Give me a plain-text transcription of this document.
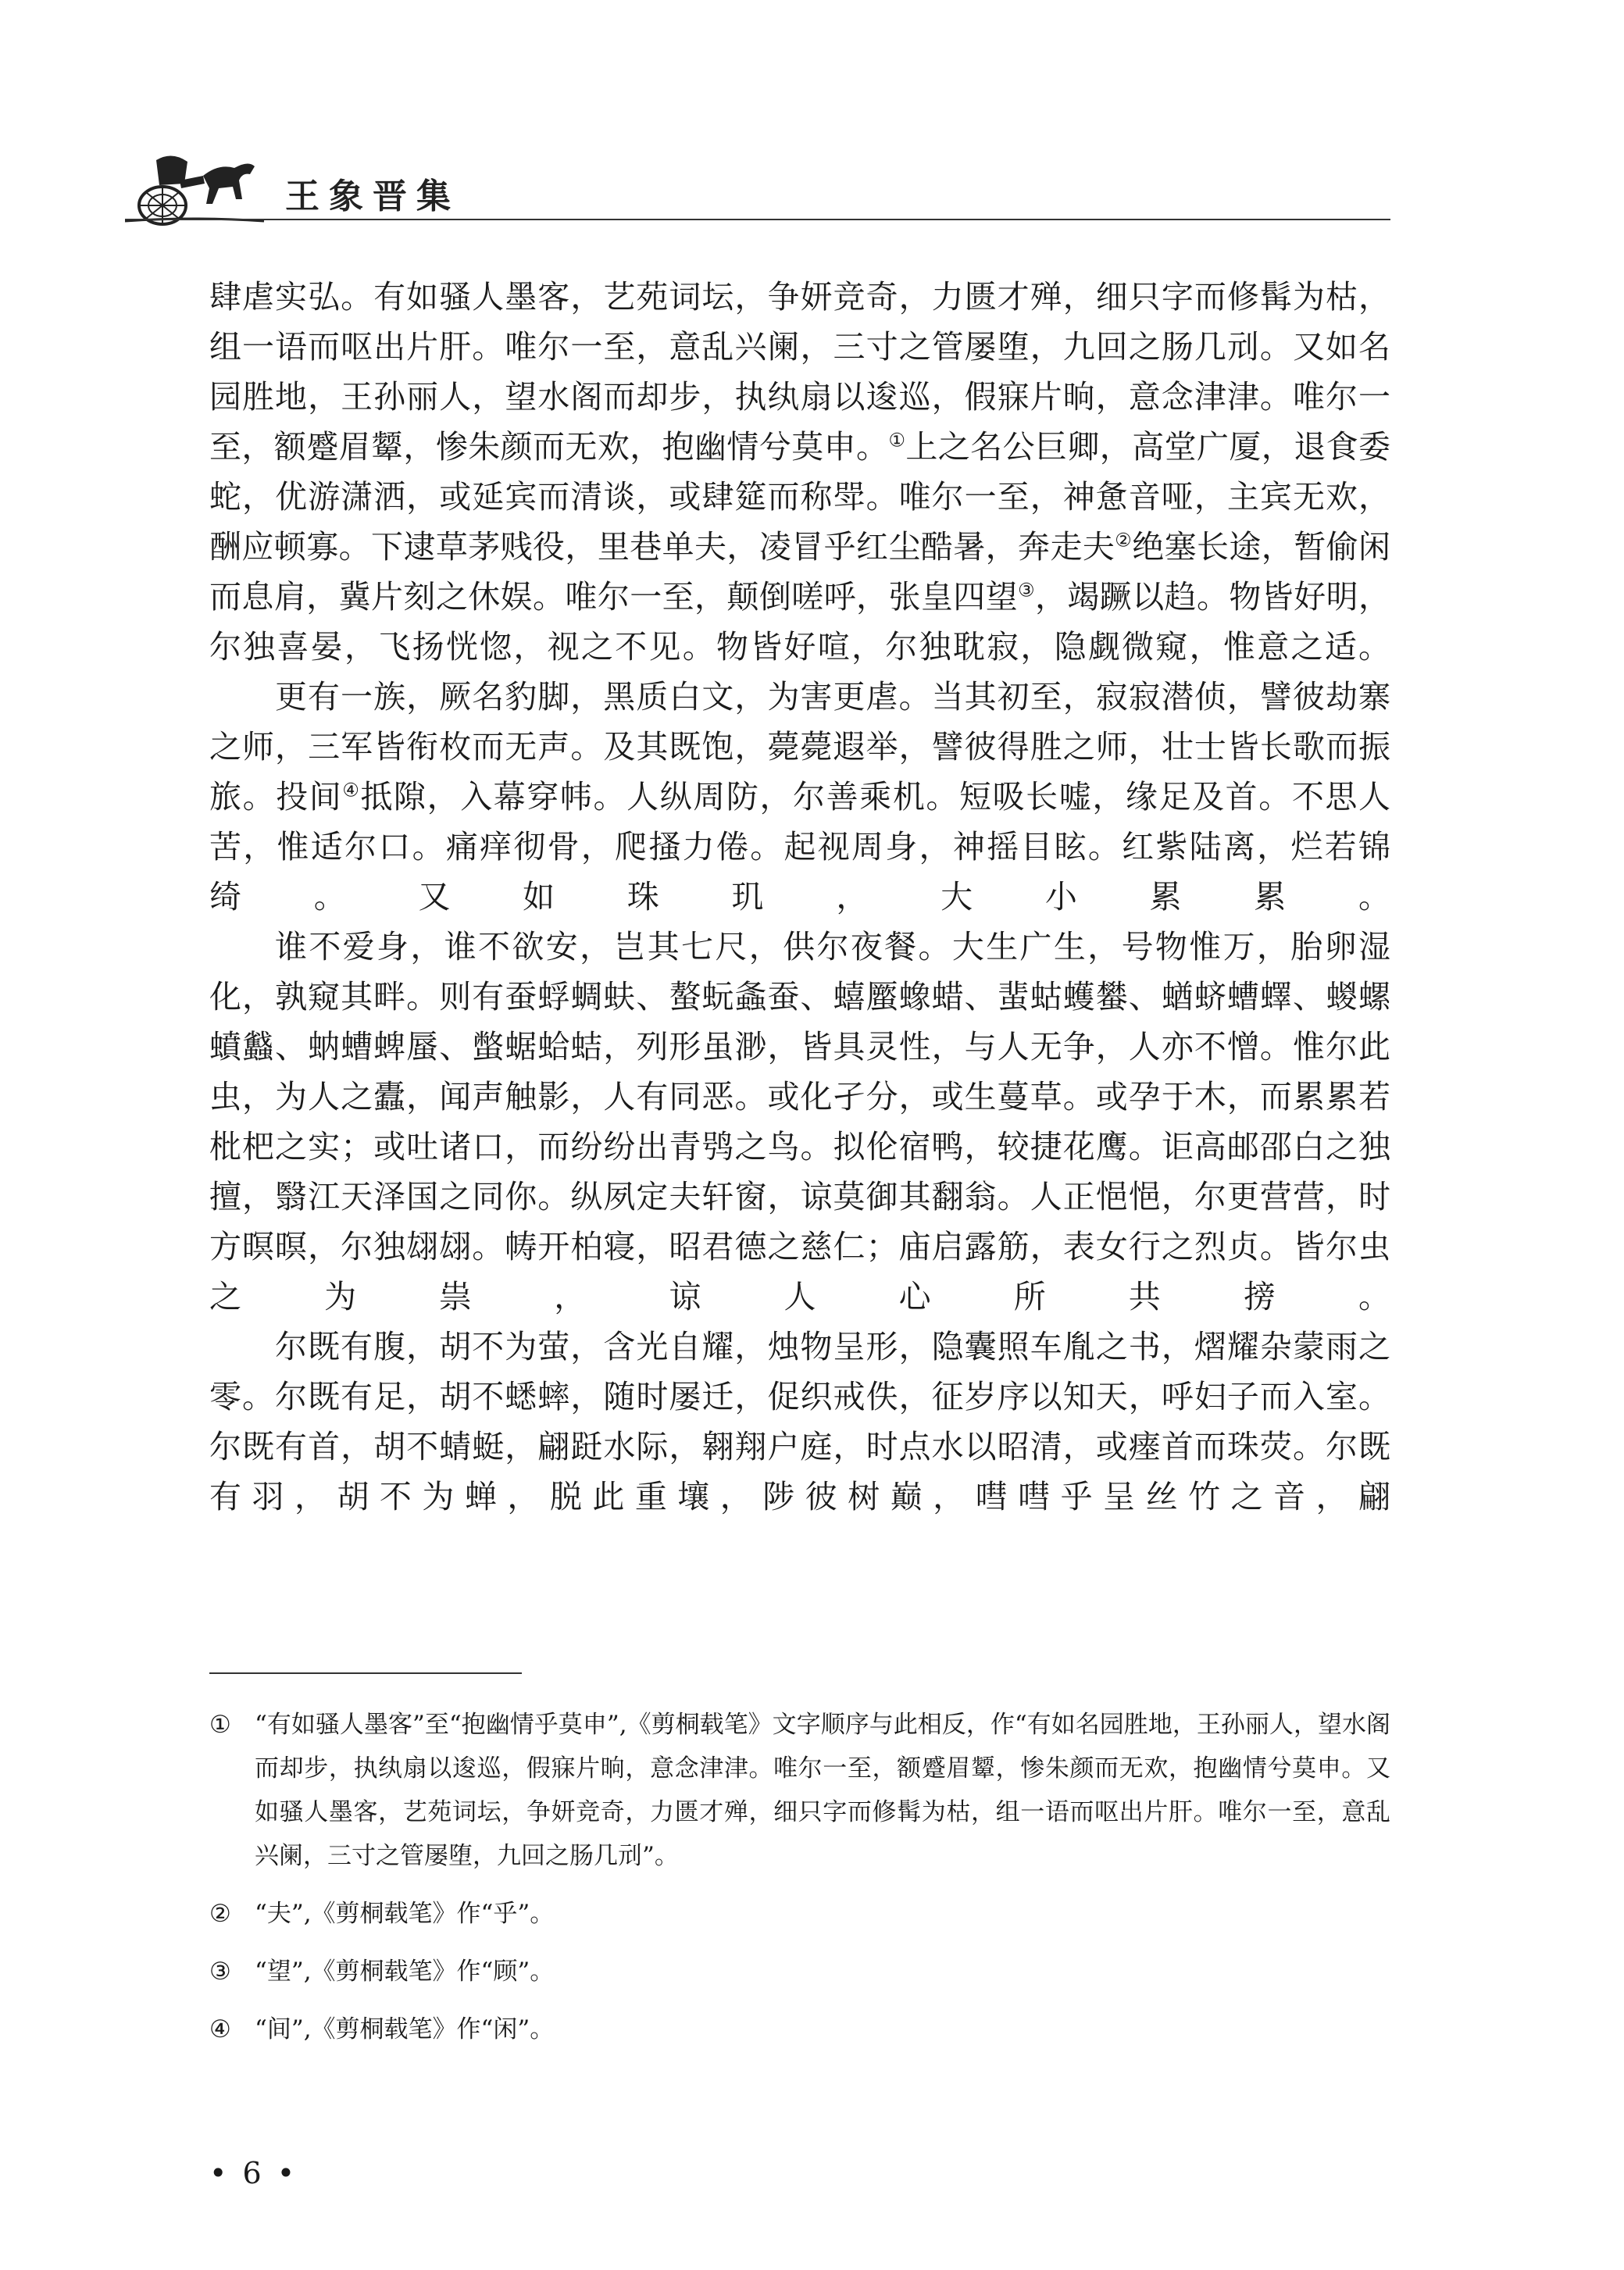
王象晋集

肆虐实弘。有如骚人墨客，艺苑词坛，争妍竞奇，力匮才殚，细只字而修髯为枯，组一语而呕出片肝。唯尔一至，意乱兴阑，三寸之管屡堕，九回之肠几刓。又如名园胜地，王孙丽人，望水阁而却步，执纨扇以逡巡，假寐片晌，意念津津。唯尔一至，额蹙眉颦，惨朱颜而无欢，抱幽情兮莫申。①上之名公巨卿，高堂广厦，退食委蛇，优游潇洒，或延宾而清谈，或肆筵而称斝。唯尔一至，神惫音哑，主宾无欢，酬应顿寡。下逮草茅贱役，里巷单夫，凌冒乎红尘酷暑，奔走夫②绝塞长途，暂偷闲而息肩，冀片刻之休娱。唯尔一至，颠倒嗟呼，张皇四望③，竭蹶以趋。物皆好明，尔独喜晏，飞扬恍惚，视之不见。物皆好喧，尔独耽寂，隐觑微窥，惟意之适。

更有一族，厥名豹脚，黑质白文，为害更虐。当其初至，寂寂潜侦，譬彼劫寨之师，三军皆衔枚而无声。及其既饱，薨薨遐举，譬彼得胜之师，壮士皆长歌而振旅。投间④抵隙，入幕穿帏。人纵周防，尔善乘机。短吸长嘘，缘足及首。不思人苦，惟适尔口。痛痒彻骨，爬搔力倦。起视周身，神摇目眩。红紫陆离，烂若锦绮。又如珠玑，大小累累。

谁不爱身，谁不欲安，岂其七尺，供尔夜餐。大生广生，号物惟万，胎卵湿化，孰窥其畔。则有蚕蜉蜩蚨、螯蚖螽蚕、蟢蟨蟓蜡、蜚蛄蠖蠜、蝤蛴螬蠌、蝬螺蟦蠽、蚋螬蜱蜃、蟞蜛蛤蛣，列形虽渺，皆具灵性，与人无争，人亦不憎。惟尔此虫，为人之蠹，闻声触影，人有同恶。或化孑分，或生蔓草。或孕于木，而累累若枇杷之实；或吐诸口，而纷纷出青鸮之鸟。拟伦宿鸭，较捷花鹰。讵高邮邵白之独擅，翳江天泽国之同你。纵夙定夫轩窗，谅莫御其翻翁。人正悒悒，尔更营营，时方暝暝，尔独翃翃。帱开柏寝，昭君德之慈仁；庙启露筋，表女行之烈贞。皆尔虫之为祟，谅人心所共搒。

尔既有腹，胡不为萤，含光自耀，烛物呈形，隐囊照车胤之书，熠耀杂蒙雨之零。尔既有足，胡不蟋蟀，随时屡迁，促织戒佚，征岁序以知天，呼妇子而入室。尔既有首，胡不蜻蜓，翩跹水际，翱翔户庭，时点水以昭清，或瘗首而珠荧。尔既有羽，胡不为蝉，脱此重壤，陟彼树巅，嘒嘒乎呈丝竹之音，翩

① “有如骚人墨客”至“抱幽情乎莫申”,《剪桐载笔》文字顺序与此相反，作“有如名园胜地，王孙丽人，望水阁而却步，执纨扇以逡巡，假寐片晌，意念津津。唯尔一至，额蹙眉颦，惨朱颜而无欢，抱幽情兮莫申。又如骚人墨客，艺苑词坛，争妍竞奇，力匮才殚，细只字而修髯为枯，组一语而呕出片肝。唯尔一至，意乱兴阑，三寸之管屡堕，九回之肠几刓”。

② “夫”,《剪桐载笔》作“乎”。

③ “望”,《剪桐载笔》作“顾”。

④ “间”,《剪桐载笔》作“闲”。

• 6 •
